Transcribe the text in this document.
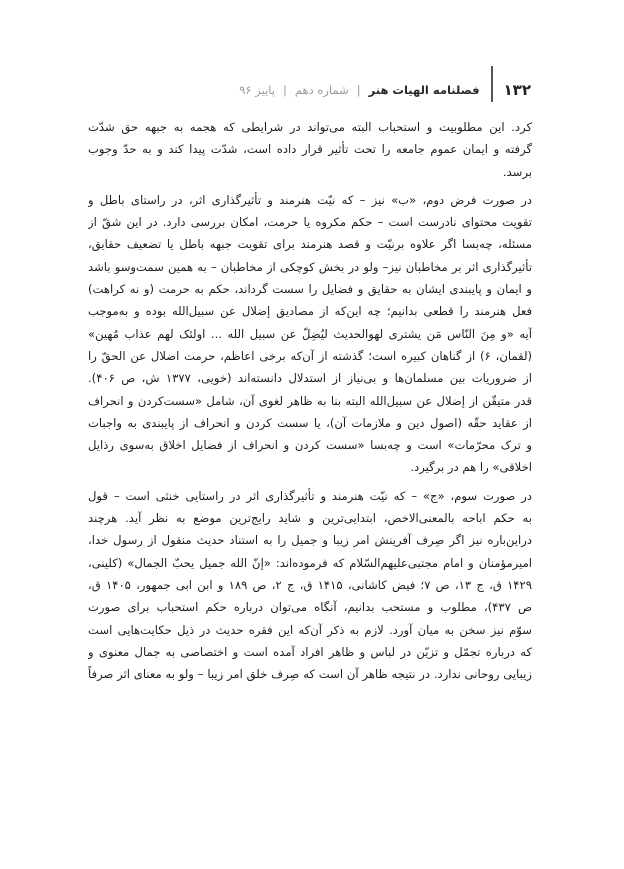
۱۳۲
فصلنامه الهیات هنر
|
شماره دهم
|
پاییز ۹۶
کرد. این مطلوبیت و استحباب البته می‌تواند در شرایطی که هجمه به جبهه حق شدّت
گرفته و ایمان عموم جامعه را تحت تأثیر قرار داده است، شدّت پیدا کند و به حدّ وجوب
برسد.
در صورت فرض دوم، «ب» نیز – که نیّت هنرمند و تأثیرگذاری اثر، در راستای باطل و
تقویت محتوای نادرست است – حکم مکروه یا حرمت، امکان بررسی دارد. در این شقّ از
مسئله، چه‌بسا اگر علاوه برنیّت و قصد هنرمند برای تقویت جبهه باطل یا تضعیف حقایق،
تأثیرگذاری اثر بر مخاطبان نیز– ولو در بخش کوچکی از مخاطبان – به همین سمت‌وسو باشد
و ایمان و پایبندی ایشان به حقایق و فضایل را سست گرداند، حکم به حرمت (و نه کراهت)
فعل هنرمند را قطعی بدانیم؛ چه این‌که از مصادیق إضلال عن سبیل‌الله بوده و به‌موجب
آیه «و مِنَ النّاس مَن یشتری لهوالحدیث لیُضِلّ عن سبیل الله ... اولئک لهم عذاب مُهین»
(لقمان، ۶) از گناهان کبیره است؛ گذشته از آن‌که برخی اعاظم، حرمت اضلال عن الحقّ را
از ضروریات بین مسلمان‌ها و بی‌نیاز از استدلال دانسته‌اند (خویی، ۱۳۷۷ ش، ص ۴۰۶).
قدر متیقّن از إضلال عن سبیل‌الله البته بنا به ظاهر لغوی آن، شامل «سست‌کردن و انحراف
از عقاید حقّه (اصول دین و ملازمات آن)، یا سست کردن و انحراف از پایبندی به واجبات
و ترک محرّمات» است و چه‌بسا «سست کردن و انحراف از فضایل اخلاق به‌سوی رذایل
اخلاقی» را هم در برگیرد.
در صورت سوم، «ج» – که نیّت هنرمند و تأثیرگذاری اثر در راستایی خنثی است – قول
به حکم اباحه بالمعنی‌الاخص، ابتدایی‌ترین و شاید رایج‌ترین موضع به نظر آید. هرچند
دراین‌باره نیز اگر صِرف آفرینش امر زیبا و جمیل را به استناد حدیث منقول از رسول خدا،
امیرمؤمنان و امام مجتبی‌علیهم‌السّلام که فرموده‌اند: «إنّ الله جمیل یحبّ الجمال» (کلینی،
۱۴۲۹ ق، ج ۱۳، ص ۷؛ فیض کاشانی، ۱۴۱۵ ق، ج ۲، ص ۱۸۹ و ابن ابی جمهور، ۱۴۰۵ ق،
ص ۴۳۷)، مطلوب و مستحب بدانیم، آنگاه می‌توان درباره حکم استحباب برای صورت
سوّم نیز سخن به میان آورد. لازم به ذکر آن‌که این فقره حدیث در ذیل حکایت‌هایی است
که درباره تجمّل و تزیّن در لباس و ظاهر افراد آمده است و اختصاصی به جمال معنوی و
زیبایی روحانی ندارد. در نتیجه ظاهر آن است که صِرف خلق امر زیبا – ولو به معنای اثر صرفاً
